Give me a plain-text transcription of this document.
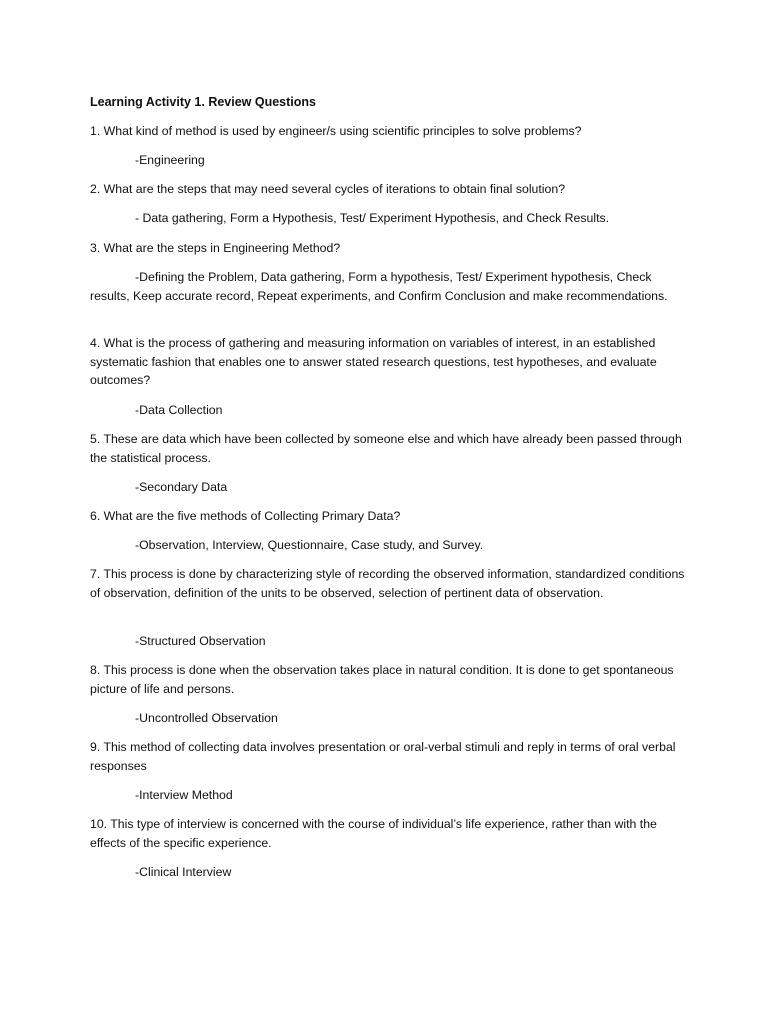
Learning Activity 1. Review Questions

1. What kind of method is used by engineer/s using scientific principles to solve problems?

-Engineering

2. What are the steps that may need several cycles of iterations to obtain final solution?

- Data gathering, Form a Hypothesis, Test/ Experiment Hypothesis, and Check Results.

3. What are the steps in Engineering Method?

-Defining the Problem, Data gathering, Form a hypothesis, Test/ Experiment hypothesis, Check results, Keep accurate record, Repeat experiments, and Confirm Conclusion and make recommendations.

4. What is the process of gathering and measuring information on variables of interest, in an established systematic fashion that enables one to answer stated research questions, test hypotheses, and evaluate outcomes?

-Data Collection

5. These are data which have been collected by someone else and which have already been passed through the statistical process.

-Secondary Data

6. What are the five methods of Collecting Primary Data?

-Observation, Interview, Questionnaire, Case study, and Survey.

7. This process is done by characterizing style of recording the observed information, standardized conditions of observation, definition of the units to be observed, selection of pertinent data of observation.

-Structured Observation

8. This process is done when the observation takes place in natural condition. It is done to get spontaneous picture of life and persons.

-Uncontrolled Observation

9. This method of collecting data involves presentation or oral-verbal stimuli and reply in terms of oral verbal responses

-Interview Method

10. This type of interview is concerned with the course of individual’s life experience, rather than with the effects of the specific experience.

-Clinical Interview
